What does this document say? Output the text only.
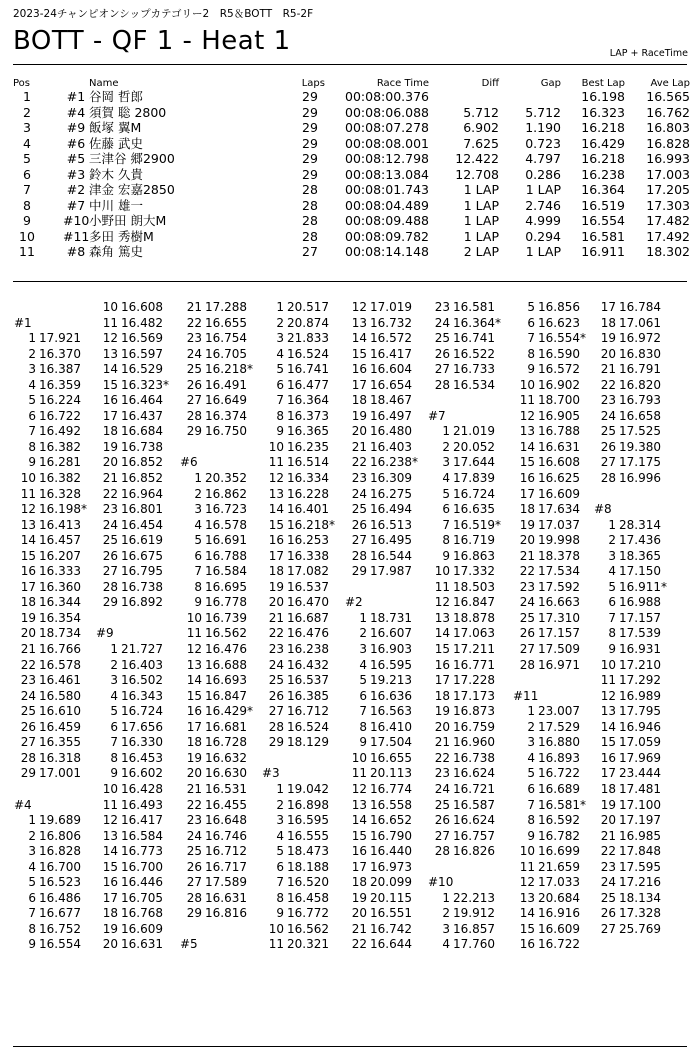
2023-24チャンピオンシップカテゴリー2　R5＆BOTT　R5-2F
BOTT - QF 1 - Heat 1	LAP + RaceTime
Pos		Name	Laps	Race Time	Diff	Gap	Best Lap	Ave Lap
1	#1	谷岡 哲郎	29	00:08:00.376			16.198	16.565
2	#4	須賀 聡 2800	29	00:08:06.088	5.712	5.712	16.323	16.762
3	#9	飯塚 翼M	29	00:08:07.278	6.902	1.190	16.218	16.803
4	#6	佐藤 武史	29	00:08:08.001	7.625	0.723	16.429	16.828
5	#5	三津谷 郷2900	29	00:08:12.798	12.422	4.797	16.218	16.993
6	#3	鈴木 久貴	29	00:08:13.084	12.708	0.286	16.238	17.003
7	#2	津金 宏嘉2850	28	00:08:01.743	1 LAP	1 LAP	16.364	17.205
8	#7	中川 雄一	28	00:08:04.489	1 LAP	2.746	16.519	17.303
9	#10	小野田 朗大M	28	00:08:09.488	1 LAP	4.999	16.554	17.482
10	#11	多田 秀樹M	28	00:08:09.782	1 LAP	0.294	16.581	17.492
11	#8	森角 篤史	27	00:08:14.148	2 LAP	1 LAP	16.911	18.302
#1
1 17.921
2 16.370
3 16.387
4 16.359
5 16.224
6 16.722
7 16.492
8 16.382
9 16.281
10 16.382
11 16.328
12 16.198*
13 16.413
14 16.457
15 16.207
16 16.333
17 16.360
18 16.344
19 16.354
20 18.734
21 16.766
22 16.578
23 16.461
24 16.580
25 16.610
26 16.459
27 16.355
28 16.318
29 17.001
#4
1 19.689
2 16.806
3 16.828
4 16.700
5 16.523
6 16.486
7 16.677
8 16.752
9 16.554
10 16.608
11 16.482
12 16.569
13 16.597
14 16.529
15 16.323*
16 16.464
17 16.437
18 16.684
19 16.738
20 16.852
21 16.852
22 16.964
23 16.801
24 16.454
25 16.619
26 16.675
27 16.795
28 16.738
29 16.892
#9
1 21.727
2 16.403
3 16.502
4 16.343
5 16.724
6 17.656
7 16.330
8 16.453
9 16.602
10 16.428
11 16.493
12 16.417
13 16.584
14 16.773
15 16.700
16 16.446
17 16.705
18 16.768
19 16.609
20 16.631
21 17.288
22 16.655
23 16.754
24 16.705
25 16.218*
26 16.491
27 16.649
28 16.374
29 16.750
#6
1 20.352
2 16.862
3 16.723
4 16.578
5 16.691
6 16.788
7 16.584
8 16.695
9 16.778
10 16.739
11 16.562
12 16.476
13 16.688
14 16.693
15 16.847
16 16.429*
17 16.681
18 16.728
19 16.632
20 16.630
21 16.531
22 16.455
23 16.648
24 16.746
25 16.712
26 16.717
27 17.589
28 16.631
29 16.816
#5
1 20.517
2 20.874
3 21.833
4 16.524
5 16.741
6 16.477
7 16.364
8 16.373
9 16.365
10 16.235
11 16.514
12 16.334
13 16.228
14 16.401
15 16.218*
16 16.253
17 16.338
18 17.082
19 16.537
20 16.470
21 16.687
22 16.476
23 16.238
24 16.432
25 16.537
26 16.385
27 16.712
28 16.524
29 18.129
#3
1 19.042
2 16.898
3 16.595
4 16.555
5 18.473
6 18.188
7 16.520
8 16.458
9 16.772
10 16.562
11 20.321
12 17.019
13 16.732
14 16.572
15 16.417
16 16.604
17 16.654
18 18.467
19 16.497
20 16.480
21 16.403
22 16.238*
23 16.309
24 16.275
25 16.494
26 16.513
27 16.495
28 16.544
29 17.987
#2
1 18.731
2 16.607
3 16.903
4 16.595
5 19.213
6 16.636
7 16.563
8 16.410
9 17.504
10 16.655
11 20.113
12 16.774
13 16.558
14 16.652
15 16.790
16 16.440
17 16.973
18 20.099
19 20.115
20 16.551
21 16.742
22 16.644
23 16.581
24 16.364*
25 16.741
26 16.522
27 16.733
28 16.534
#7
1 21.019
2 20.052
3 17.644
4 17.839
5 16.724
6 16.635
7 16.519*
8 16.719
9 16.863
10 17.332
11 18.503
12 16.847
13 18.878
14 17.063
15 17.211
16 16.771
17 17.228
18 17.173
19 16.873
20 16.759
21 16.960
22 16.738
23 16.624
24 16.721
25 16.587
26 16.624
27 16.757
28 16.826
#10
1 22.213
2 19.912
3 16.857
4 17.760
5 16.856
6 16.623
7 16.554*
8 16.590
9 16.572
10 16.902
11 18.700
12 16.905
13 16.788
14 16.631
15 16.608
16 16.625
17 16.609
18 17.634
19 17.037
20 19.998
21 18.378
22 17.534
23 17.592
24 16.663
25 17.310
26 17.157
27 17.509
28 16.971
#11
1 23.007
2 17.529
3 16.880
4 16.893
5 16.722
6 16.689
7 16.581*
8 16.592
9 16.782
10 16.699
11 21.659
12 17.033
13 20.684
14 16.916
15 16.609
16 16.722
17 16.784
18 17.061
19 16.972
20 16.830
21 16.791
22 16.820
23 16.793
24 16.658
25 17.525
26 19.380
27 17.175
28 16.996
#8
1 28.314
2 17.436
3 18.365
4 17.150
5 16.911*
6 16.988
7 17.157
8 17.539
9 16.931
10 17.210
11 17.292
12 16.989
13 17.795
14 16.946
15 17.059
16 17.969
17 23.444
18 17.481
19 17.100
20 17.197
21 16.985
22 17.848
23 17.595
24 17.216
25 18.134
26 17.328
27 25.769
